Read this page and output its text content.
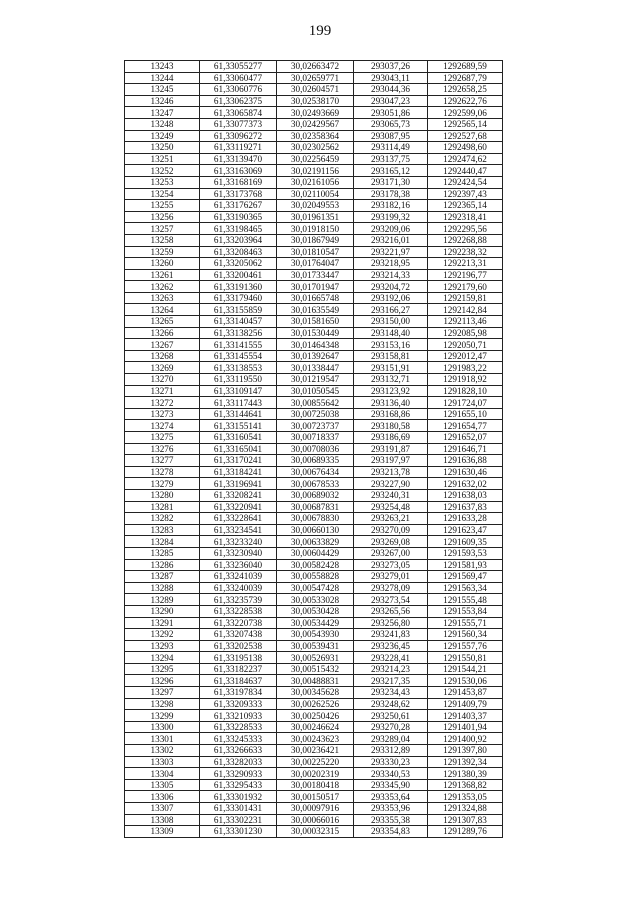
199
13243	61,33055277	30,02663472	293037,26	1292689,59
13244	61,33060477	30,02659771	293043,11	1292687,79
13245	61,33060776	30,02604571	293044,36	1292658,25
13246	61,33062375	30,02538170	293047,23	1292622,76
13247	61,33065874	30,02493669	293051,86	1292599,06
13248	61,33077373	30,02429567	293065,73	1292565,14
13249	61,33096272	30,02358364	293087,95	1292527,68
13250	61,33119271	30,02302562	293114,49	1292498,60
13251	61,33139470	30,02256459	293137,75	1292474,62
13252	61,33163069	30,02191156	293165,12	1292440,47
13253	61,33168169	30,02161056	293171,30	1292424,54
13254	61,33173768	30,02110054	293178,38	1292397,43
13255	61,33176267	30,02049553	293182,16	1292365,14
13256	61,33190365	30,01961351	293199,32	1292318,41
13257	61,33198465	30,01918150	293209,06	1292295,56
13258	61,33203964	30,01867949	293216,01	1292268,88
13259	61,33208463	30,01810547	293221,97	1292238,32
13260	61,33205062	30,01764047	293218,95	1292213,31
13261	61,33200461	30,01733447	293214,33	1292196,77
13262	61,33191360	30,01701947	293204,72	1292179,60
13263	61,33179460	30,01665748	293192,06	1292159,81
13264	61,33155859	30,01635549	293166,27	1292142,84
13265	61,33140457	30,01581650	293150,00	1292113,46
13266	61,33138256	30,01530449	293148,40	1292085,98
13267	61,33141555	30,01464348	293153,16	1292050,71
13268	61,33145554	30,01392647	293158,81	1292012,47
13269	61,33138553	30,01338447	293151,91	1291983,22
13270	61,33119550	30,01219547	293132,71	1291918,92
13271	61,33109147	30,01050545	293123,92	1291828,10
13272	61,33117443	30,00855642	293136,40	1291724,07
13273	61,33144641	30,00725038	293168,86	1291655,10
13274	61,33155141	30,00723737	293180,58	1291654,77
13275	61,33160541	30,00718337	293186,69	1291652,07
13276	61,33165041	30,00708036	293191,87	1291646,71
13277	61,33170241	30,00689335	293197,97	1291636,88
13278	61,33184241	30,00676434	293213,78	1291630,46
13279	61,33196941	30,00678533	293227,90	1291632,02
13280	61,33208241	30,00689032	293240,31	1291638,03
13281	61,33220941	30,00687831	293254,48	1291637,83
13282	61,33228641	30,00678830	293263,21	1291633,28
13283	61,33234541	30,00660130	293270,09	1291623,47
13284	61,33233240	30,00633829	293269,08	1291609,35
13285	61,33230940	30,00604429	293267,00	1291593,53
13286	61,33236040	30,00582428	293273,05	1291581,93
13287	61,33241039	30,00558828	293279,01	1291569,47
13288	61,33240039	30,00547428	293278,09	1291563,34
13289	61,33235739	30,00533028	293273,54	1291555,48
13290	61,33228538	30,00530428	293265,56	1291553,84
13291	61,33220738	30,00534429	293256,80	1291555,71
13292	61,33207438	30,00543930	293241,83	1291560,34
13293	61,33202538	30,00539431	293236,45	1291557,76
13294	61,33195138	30,00526931	293228,41	1291550,81
13295	61,33182237	30,00515432	293214,23	1291544,21
13296	61,33184637	30,00488831	293217,35	1291530,06
13297	61,33197834	30,00345628	293234,43	1291453,87
13298	61,33209333	30,00262526	293248,62	1291409,79
13299	61,33210933	30,00250426	293250,61	1291403,37
13300	61,33228533	30,00246624	293270,28	1291401,94
13301	61,33245333	30,00243623	293289,04	1291400,92
13302	61,33266633	30,00236421	293312,89	1291397,80
13303	61,33282033	30,00225220	293330,23	1291392,34
13304	61,33290933	30,00202319	293340,53	1291380,39
13305	61,33295433	30,00180418	293345,90	1291368,82
13306	61,33301932	30,00150517	293353,64	1291353,05
13307	61,33301431	30,00097916	293353,96	1291324,88
13308	61,33302231	30,00066016	293355,38	1291307,83
13309	61,33301230	30,00032315	293354,83	1291289,76
